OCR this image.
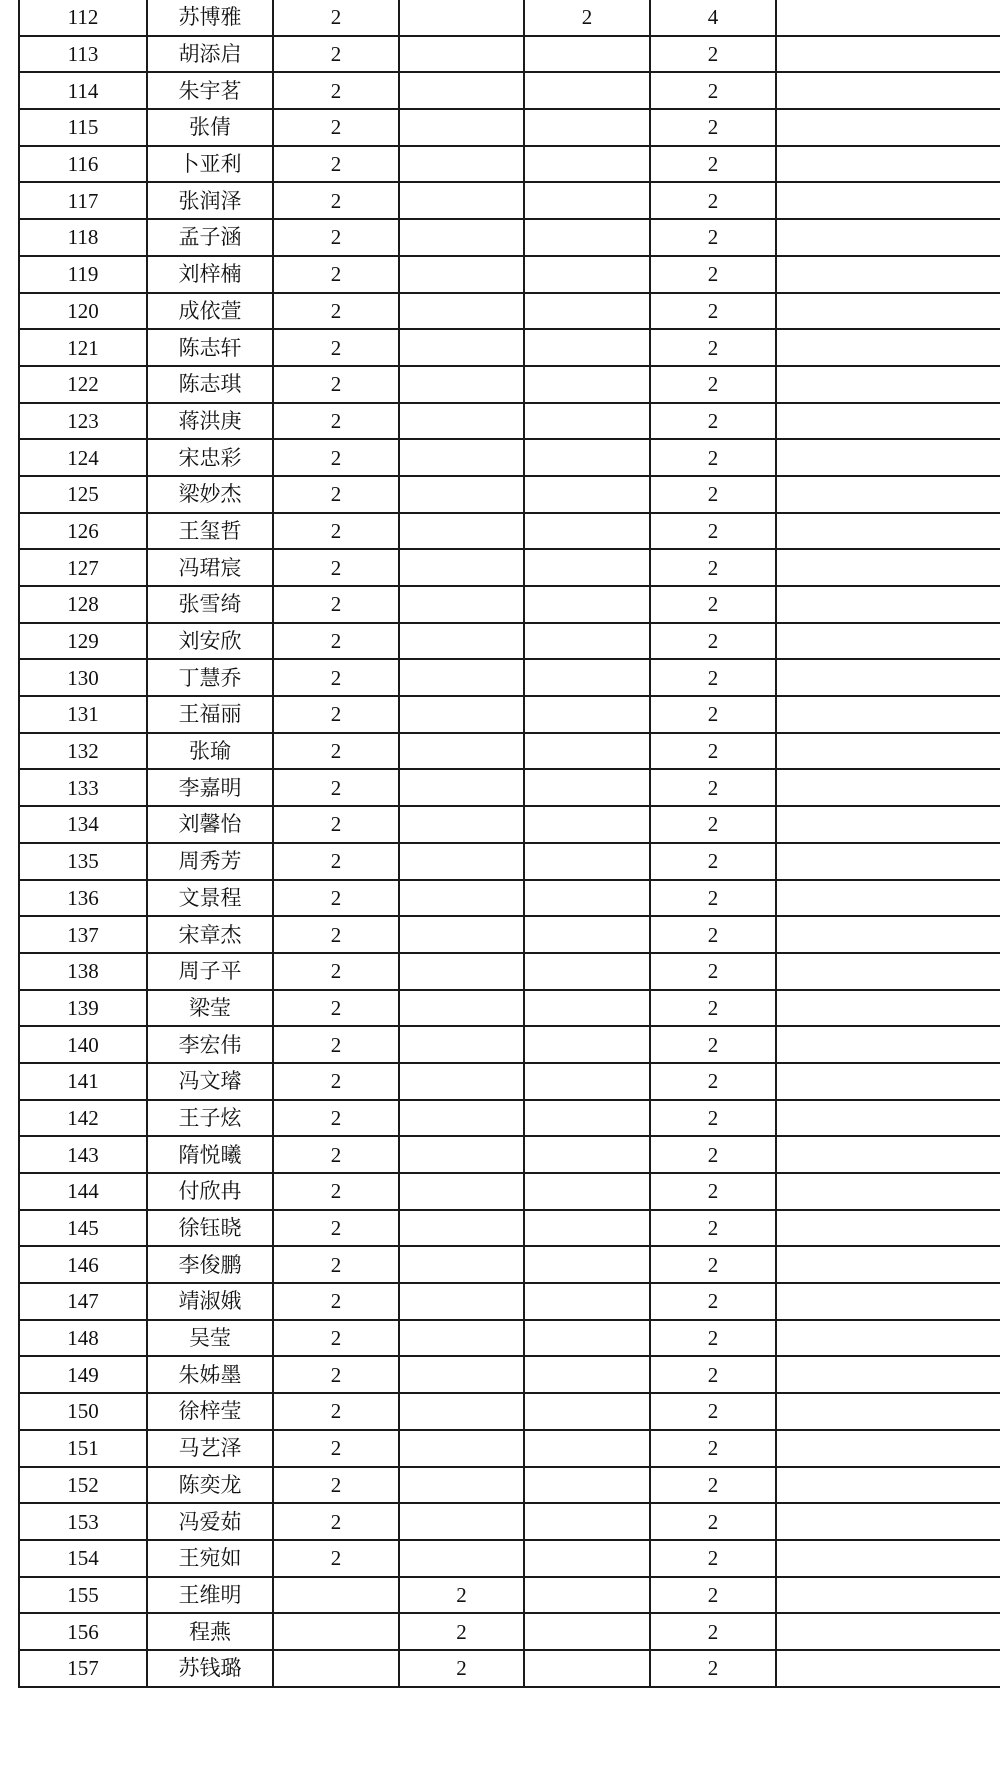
112	苏博雅	2		2	4	
113	胡添启	2			2	
114	朱宇茗	2			2	
115	张倩	2			2	
116	卜亚利	2			2	
117	张润泽	2			2	
118	孟子涵	2			2	
119	刘梓楠	2			2	
120	成依萱	2			2	
121	陈志轩	2			2	
122	陈志琪	2			2	
123	蒋洪庚	2			2	
124	宋忠彩	2			2	
125	梁妙杰	2			2	
126	王玺哲	2			2	
127	冯珺宸	2			2	
128	张雪绮	2			2	
129	刘安欣	2			2	
130	丁慧乔	2			2	
131	王福丽	2			2	
132	张瑜	2			2	
133	李嘉明	2			2	
134	刘馨怡	2			2	
135	周秀芳	2			2	
136	文景程	2			2	
137	宋章杰	2			2	
138	周子平	2			2	
139	梁莹	2			2	
140	李宏伟	2			2	
141	冯文璿	2			2	
142	王子炫	2			2	
143	隋悦曦	2			2	
144	付欣冉	2			2	
145	徐钰晓	2			2	
146	李俊鹏	2			2	
147	靖淑娥	2			2	
148	吴莹	2			2	
149	朱姊墨	2			2	
150	徐梓莹	2			2	
151	马艺泽	2			2	
152	陈奕龙	2			2	
153	冯爱茹	2			2	
154	王宛如	2			2	
155	王维明		2		2	
156	程燕		2		2	
157	苏钱璐		2		2	
